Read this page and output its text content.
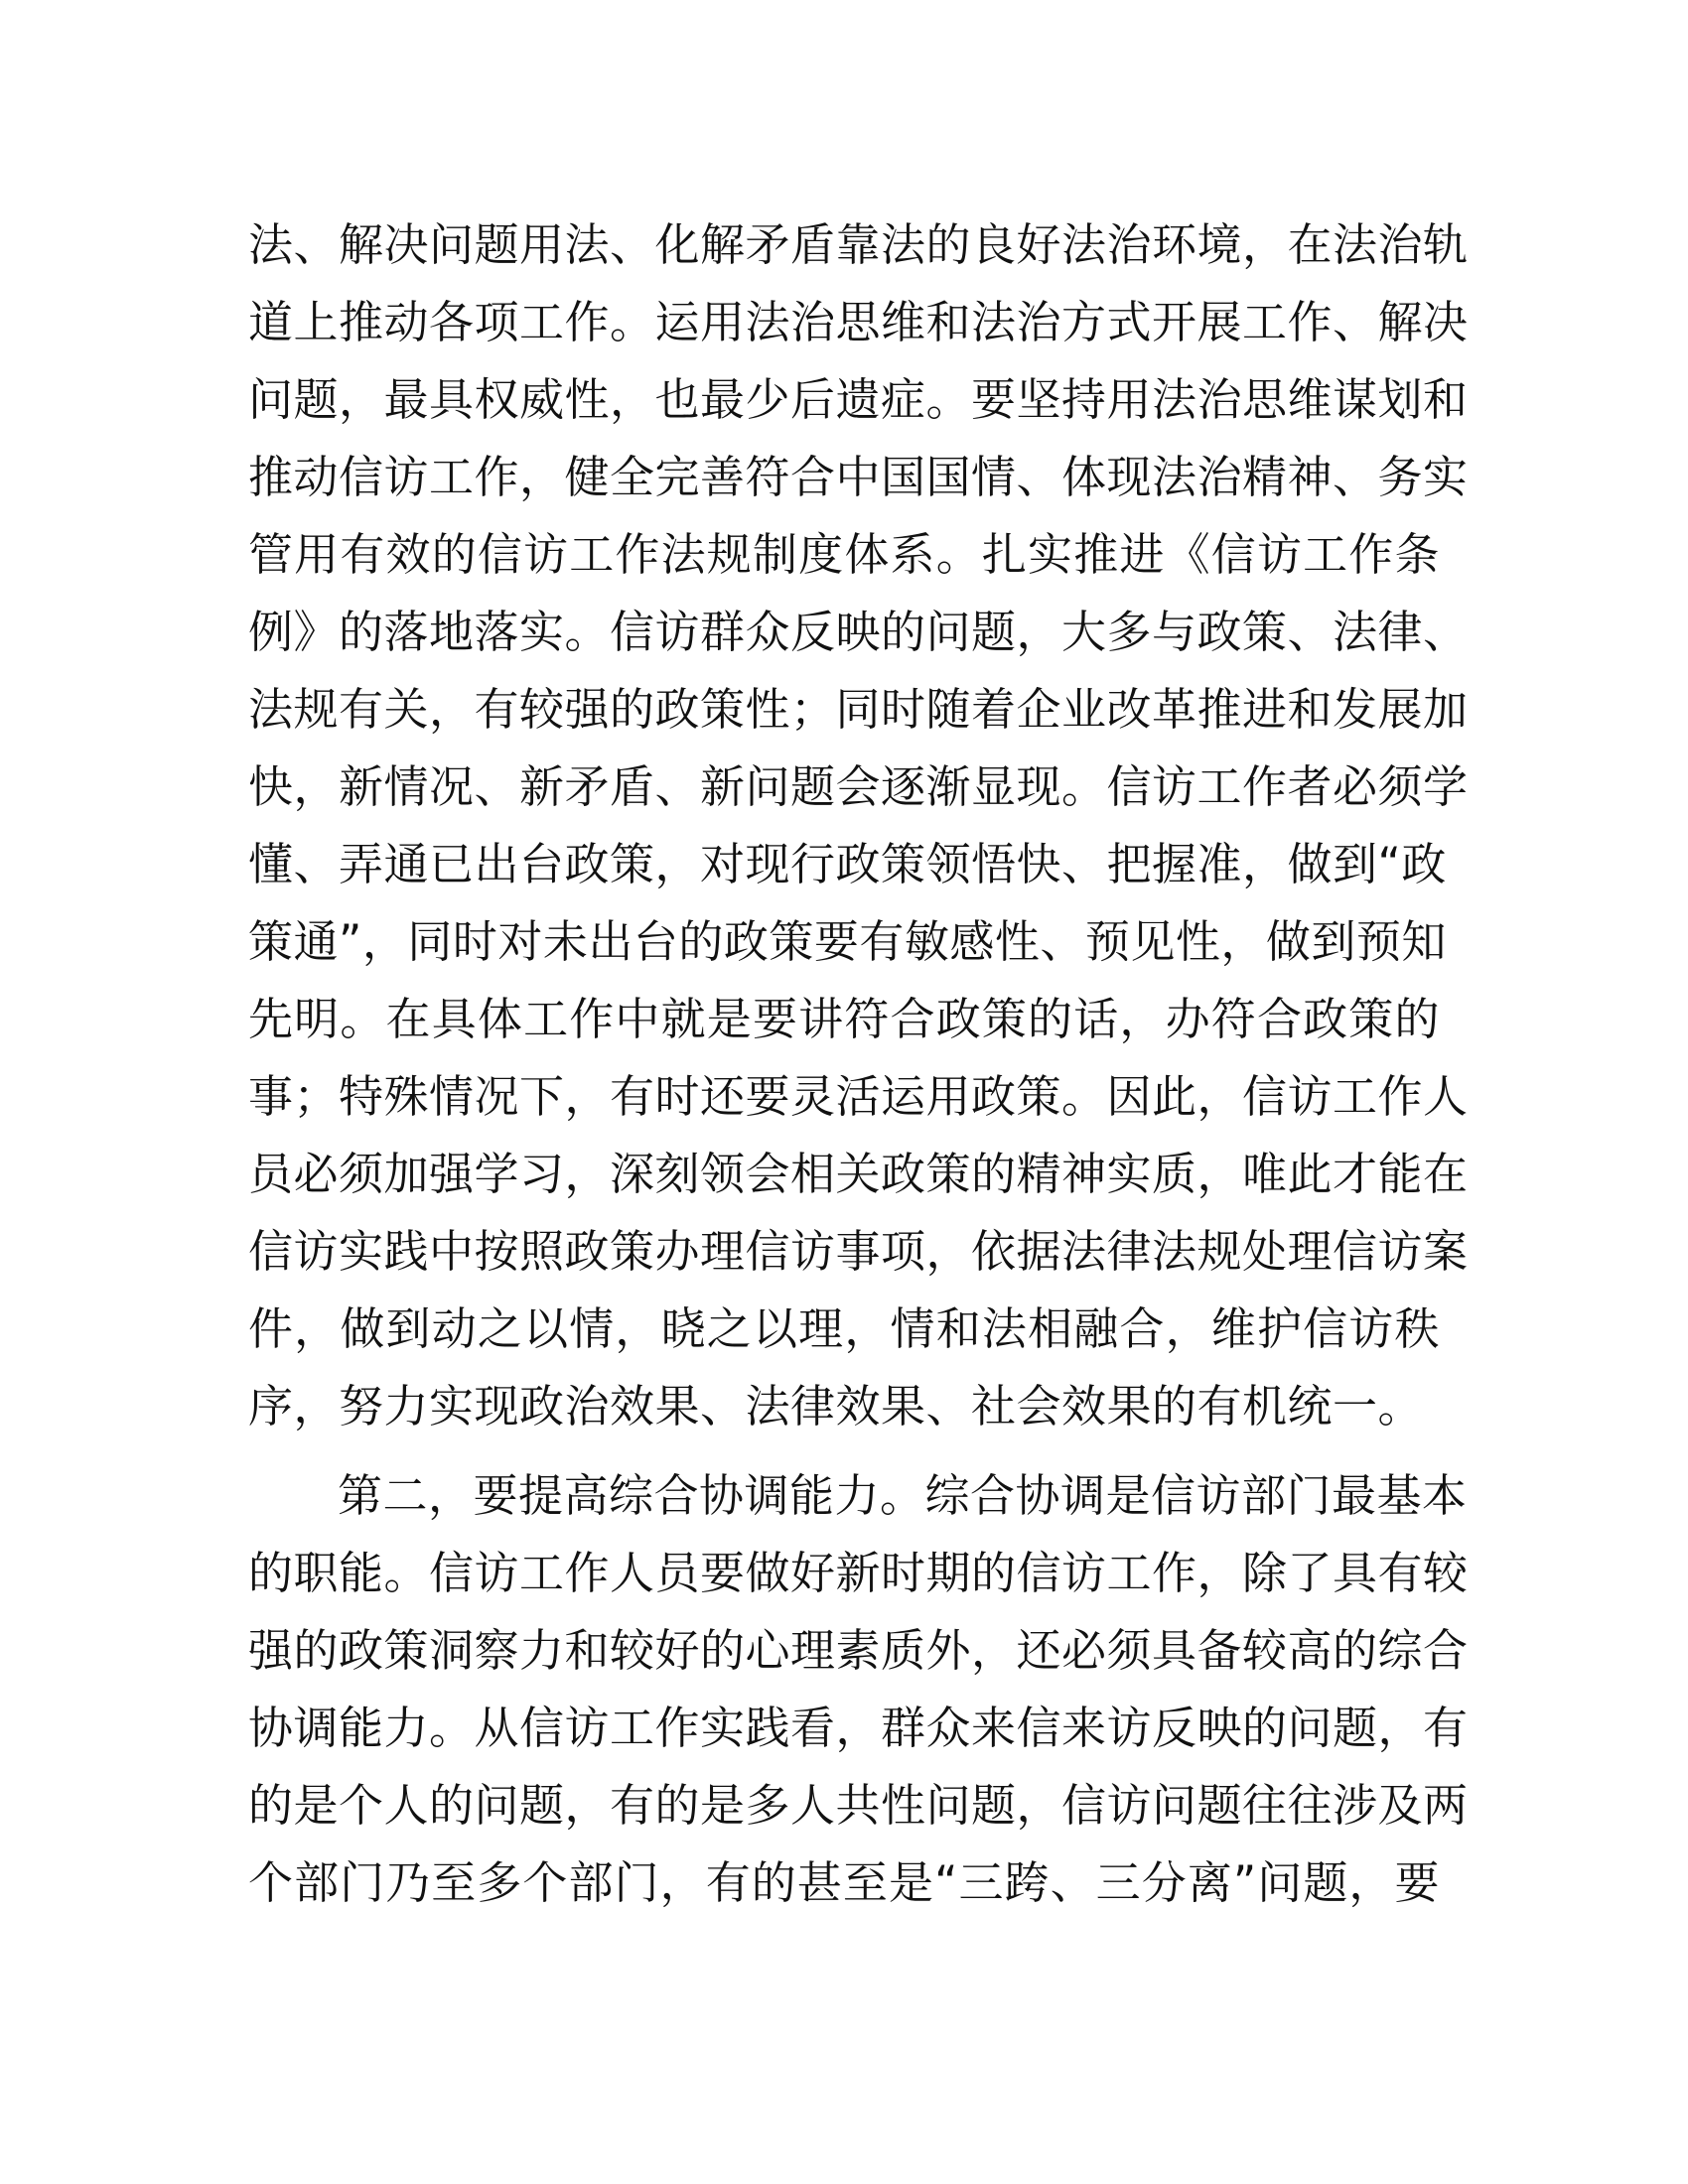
法、解决问题用法、化解矛盾靠法的良好法治环境，在法治轨
道上推动各项工作。运用法治思维和法治方式开展工作、解决
问题，最具权威性，也最少后遗症。要坚持用法治思维谋划和
推动信访工作，健全完善符合中国国情、体现法治精神、务实
管用有效的信访工作法规制度体系。扎实推进《信访工作条
例》的落地落实。信访群众反映的问题，大多与政策、法律、
法规有关，有较强的政策性；同时随着企业改革推进和发展加
快，新情况、新矛盾、新问题会逐渐显现。信访工作者必须学
懂、弄通已出台政策，对现行政策领悟快、把握准，做到“政
策通”，同时对未出台的政策要有敏感性、预见性，做到预知
先明。在具体工作中就是要讲符合政策的话，办符合政策的
事；特殊情况下，有时还要灵活运用政策。因此，信访工作人
员必须加强学习，深刻领会相关政策的精神实质，唯此才能在
信访实践中按照政策办理信访事项，依据法律法规处理信访案
件，做到动之以情，晓之以理，情和法相融合，维护信访秩
序，努力实现政治效果、法律效果、社会效果的有机统一。
第二，要提高综合协调能力。综合协调是信访部门最基本
的职能。信访工作人员要做好新时期的信访工作，除了具有较
强的政策洞察力和较好的心理素质外，还必须具备较高的综合
协调能力。从信访工作实践看，群众来信来访反映的问题，有
的是个人的问题，有的是多人共性问题，信访问题往往涉及两
个部门乃至多个部门，有的甚至是“三跨、三分离”问题，要
